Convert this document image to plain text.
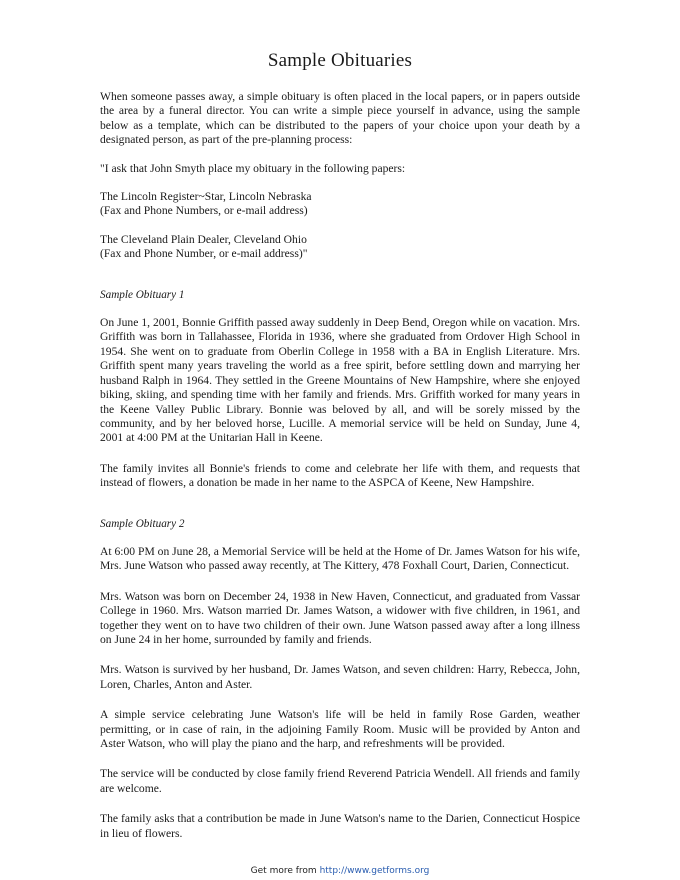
Sample Obituaries

When someone passes away, a simple obituary is often placed in the local papers, or in papers outside the area by a funeral director. You can write a simple piece yourself in advance, using the sample below as a template, which can be distributed to the papers of your choice upon your death by a designated person, as part of the pre-planning process:

"I ask that John Smyth place my obituary in the following papers:

The Lincoln Register~Star, Lincoln Nebraska

(Fax and Phone Numbers, or e-mail address)

The Cleveland Plain Dealer, Cleveland Ohio

(Fax and Phone Number, or e-mail address)"

Sample Obituary 1

On June 1, 2001, Bonnie Griffith passed away suddenly in Deep Bend, Oregon while on vacation. Mrs. Griffith was born in Tallahassee, Florida in 1936, where she graduated from Ordover High School in 1954. She went on to graduate from Oberlin College in 1958 with a BA in English Literature. Mrs. Griffith spent many years traveling the world as a free spirit, before settling down and marrying her husband Ralph in 1964. They settled in the Greene Mountains of New Hampshire, where she enjoyed biking, skiing, and spending time with her family and friends. Mrs. Griffith worked for many years in the Keene Valley Public Library. Bonnie was beloved by all, and will be sorely missed by the community, and by her beloved horse, Lucille. A memorial service will be held on Sunday, June 4, 2001 at 4:00 PM at the Unitarian Hall in Keene.

The family invites all Bonnie's friends to come and celebrate her life with them, and requests that instead of flowers, a donation be made in her name to the ASPCA of Keene, New Hampshire.

Sample Obituary 2

At 6:00 PM on June 28, a Memorial Service will be held at the Home of Dr. James Watson for his wife, Mrs. June Watson who passed away recently, at The Kittery, 478 Foxhall Court, Darien, Connecticut.

Mrs. Watson was born on December 24, 1938 in New Haven, Connecticut, and graduated from Vassar College in 1960. Mrs. Watson married Dr. James Watson, a widower with five children, in 1961, and together they went on to have two children of their own. June Watson passed away after a long illness on June 24 in her home, surrounded by family and friends.

Mrs. Watson is survived by her husband, Dr. James Watson, and seven children: Harry, Rebecca, John, Loren, Charles, Anton and Aster.

A simple service celebrating June Watson's life will be held in family Rose Garden, weather permitting, or in case of rain, in the adjoining Family Room. Music will be provided by Anton and Aster Watson, who will play the piano and the harp, and refreshments will be provided.

The service will be conducted by close family friend Reverend Patricia Wendell. All friends and family are welcome.

The family asks that a contribution be made in June Watson's name to the Darien, Connecticut Hospice in lieu of flowers.

Get more from http://www.getforms.org
